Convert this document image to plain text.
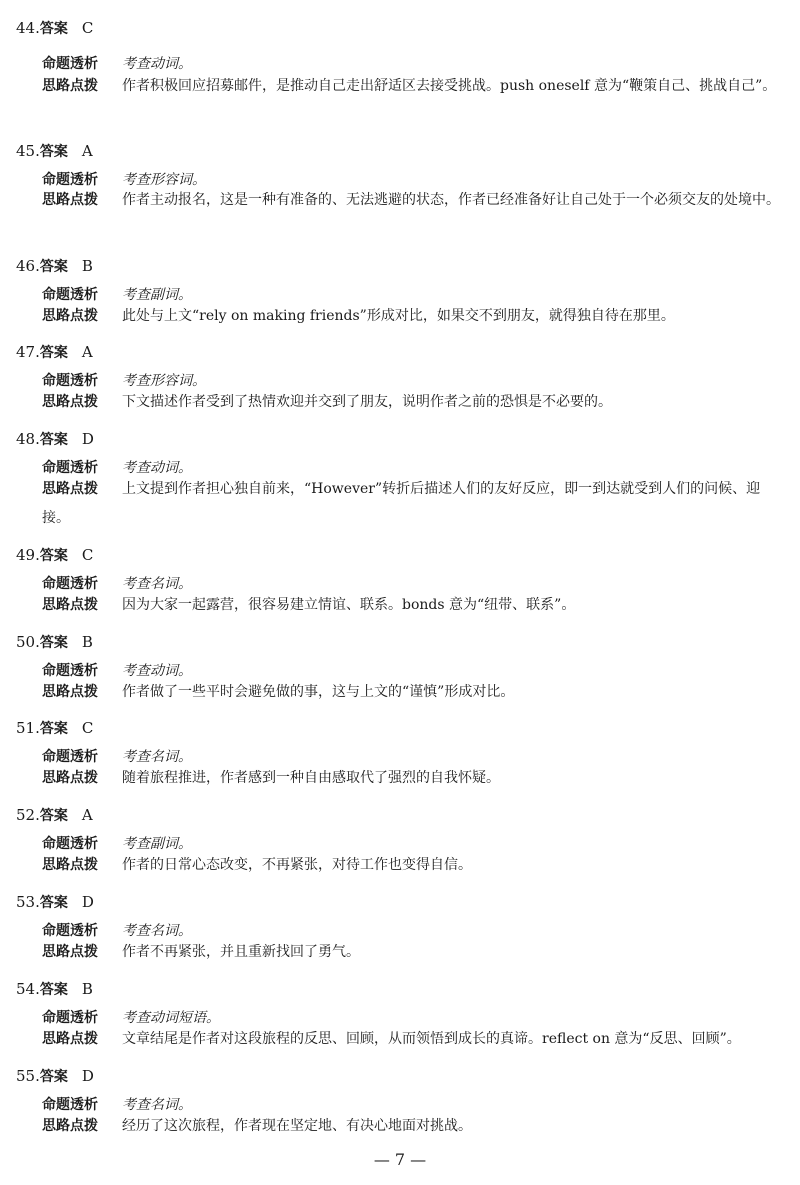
— 7 —
44.答案 C
命题透析 考查动词。
思路点拨 作者积极回应招募邮件，是推动自己走出舒适区去接受挑战。push oneself 意为“鞭策自己、挑战自己”。
45.答案 A
命题透析 考查形容词。
思路点拨 作者主动报名，这是一种有准备的、无法逃避的状态，作者已经准备好让自己处于一个必须交友的处境中。
46.答案 B
命题透析 考查副词。
思路点拨 此处与上文“rely on making friends”形成对比，如果交不到朋友，就得独自待在那里。
47.答案 A
命题透析 考查形容词。
思路点拨 下文描述作者受到了热情欢迎并交到了朋友，说明作者之前的恐惧是不必要的。
48.答案 D
命题透析 考查动词。
思路点拨 上文提到作者担心独自前来，“However”转折后描述人们的友好反应，即一到达就受到人们的问候、迎接。
49.答案 C
命题透析 考查名词。
思路点拨 因为大家一起露营，很容易建立情谊、联系。bonds 意为“纽带、联系”。
50.答案 B
命题透析 考查动词。
思路点拨 作者做了一些平时会避免做的事，这与上文的“谨慎”形成对比。
51.答案 C
命题透析 考查名词。
思路点拨 随着旅程推进，作者感到一种自由感取代了强烈的自我怀疑。
52.答案 A
命题透析 考查副词。
思路点拨 作者的日常心态改变，不再紧张，对待工作也变得自信。
53.答案 D
命题透析 考查名词。
思路点拨 作者不再紧张，并且重新找回了勇气。
54.答案 B
命题透析 考查动词短语。
思路点拨 文章结尾是作者对这段旅程的反思、回顾，从而领悟到成长的真谛。reflect on 意为“反思、回顾”。
55.答案 D
命题透析 考查名词。
思路点拨 经历了这次旅程，作者现在坚定地、有决心地面对挑战。
